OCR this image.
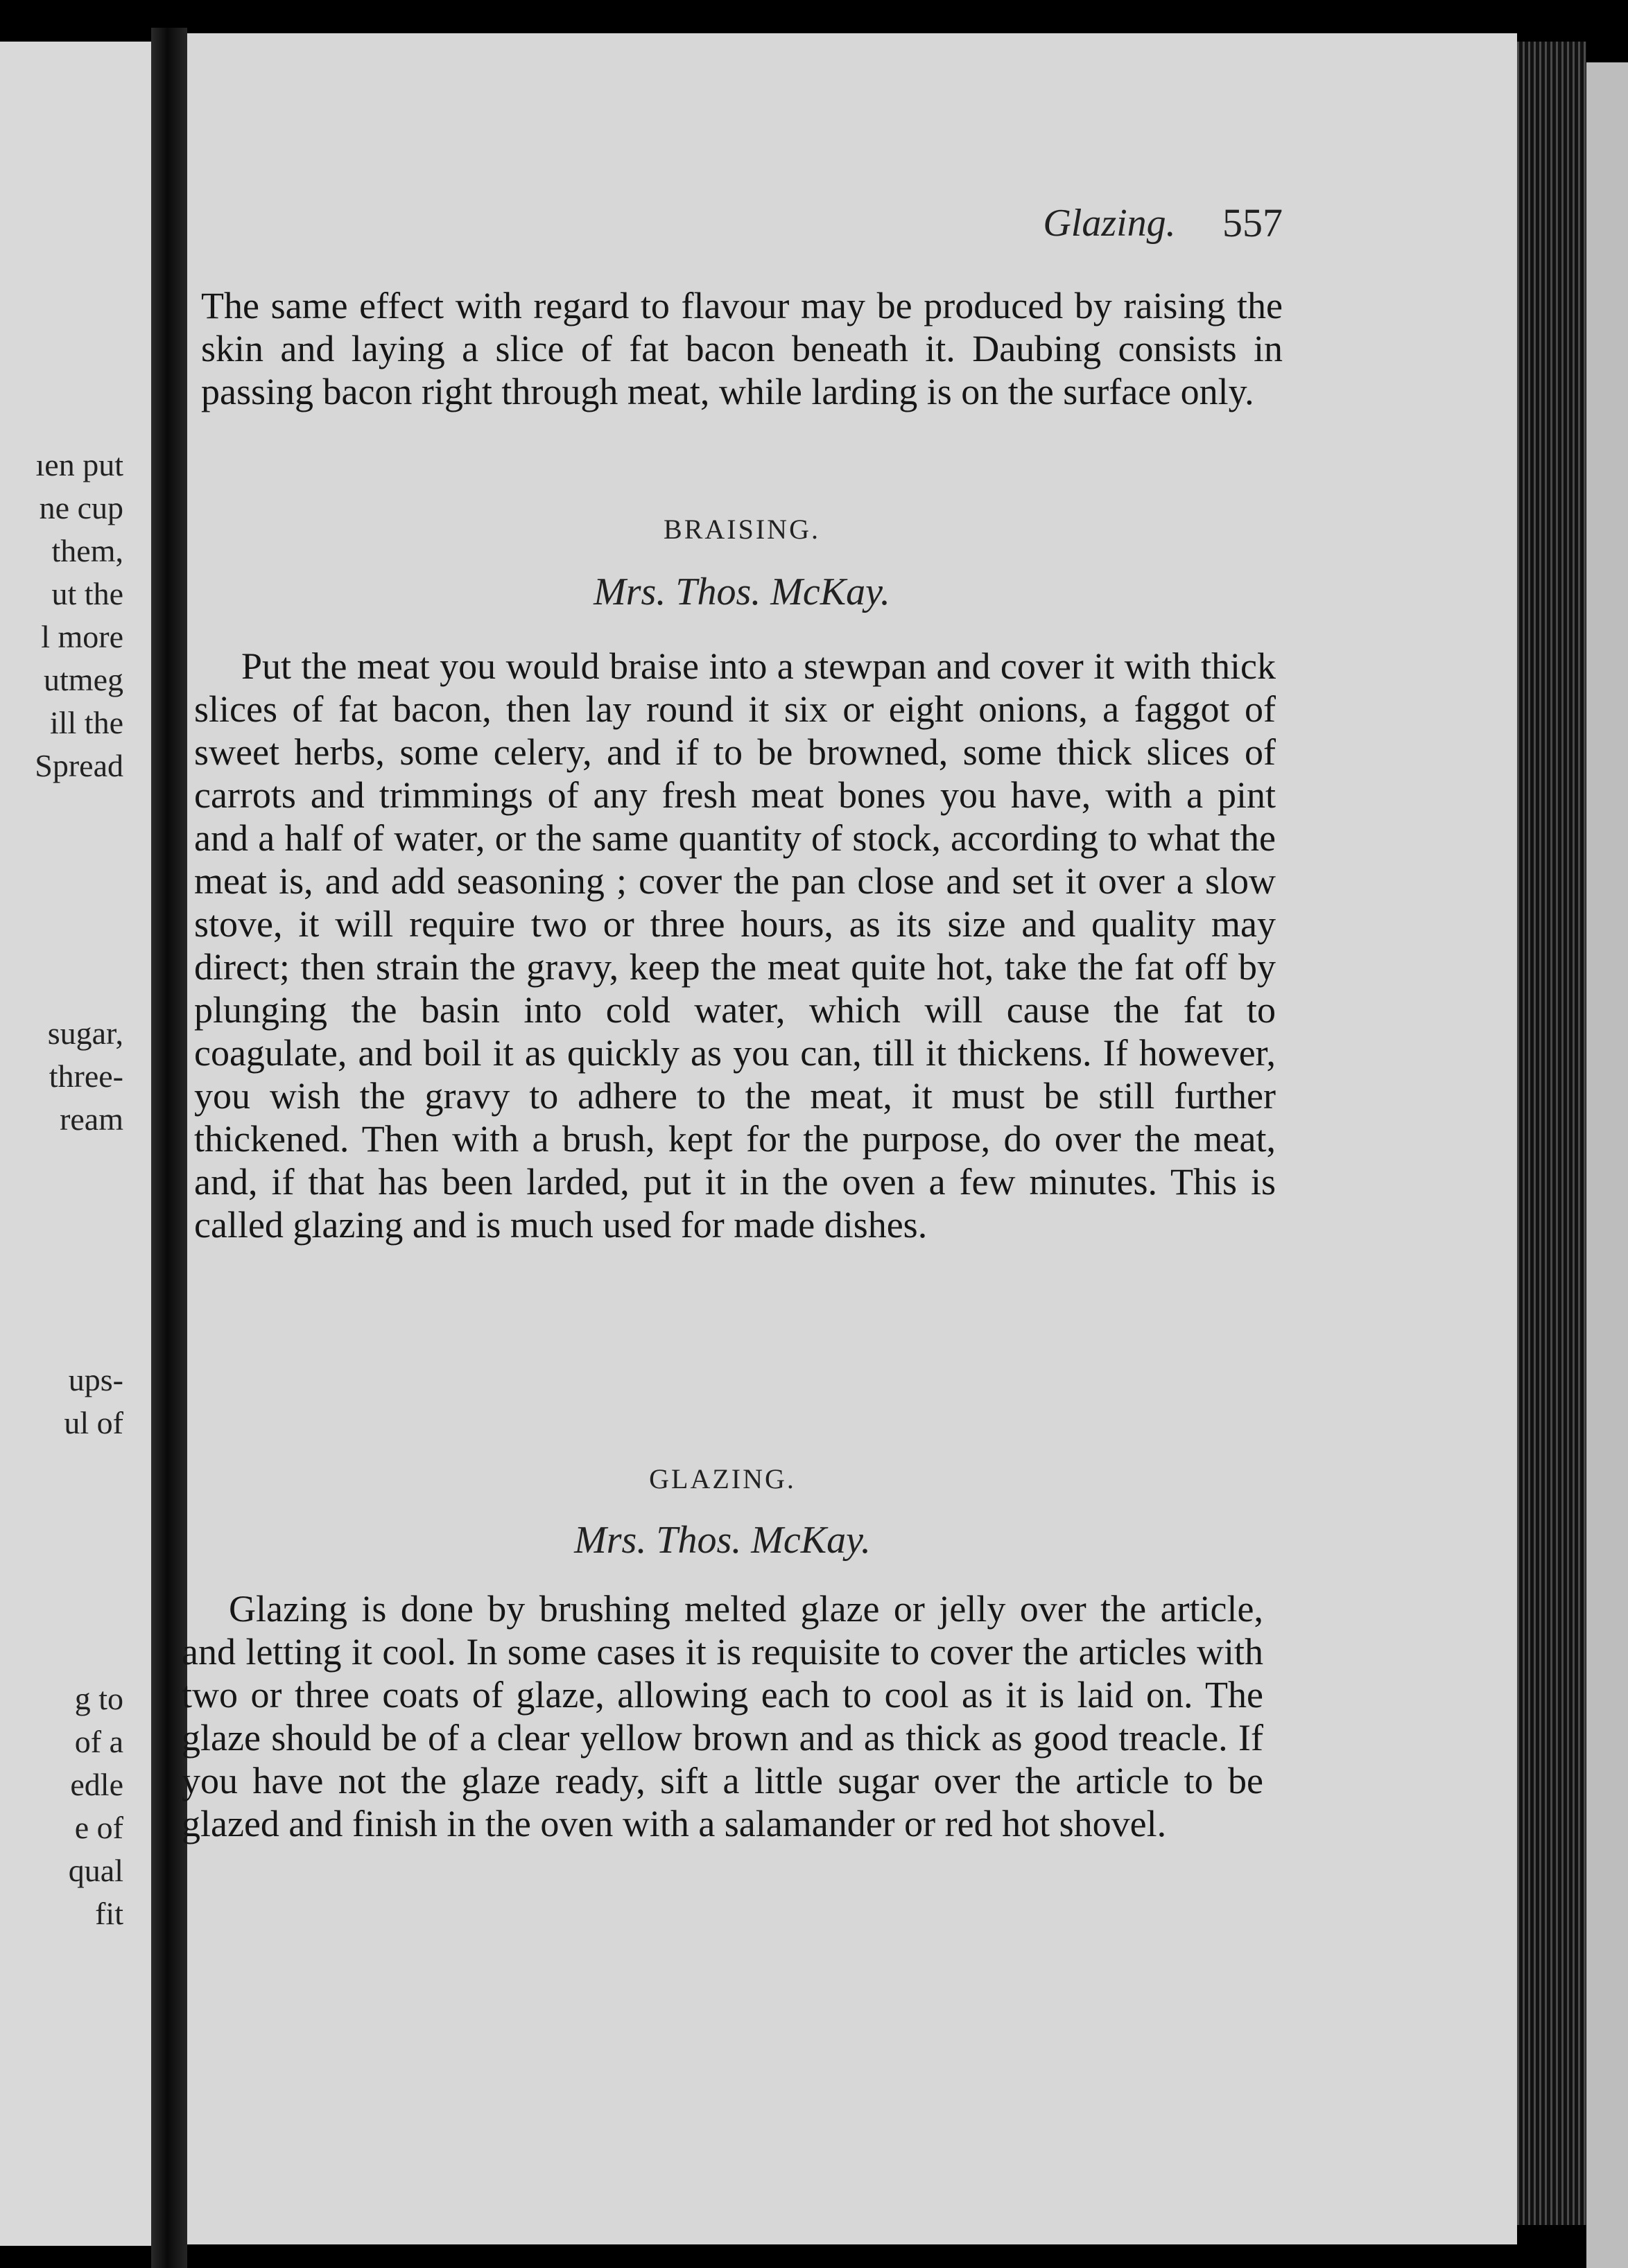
ıen put
ne cup
them,
ut the
l more
utmeg
ill the
Spread
sugar,
three-
ream
ups-
ul of
g to
of a
edle
e of
qual
fit
Glazing.	557

The same effect with regard to flavour may be produced by raising the skin and laying a slice of fat bacon beneath it. Daubing consists in passing bacon right through meat, while larding is on the surface only.

BRAISING.
Mrs. Thos. McKay.

Put the meat you would braise into a stewpan and cover it with thick slices of fat bacon, then lay round it six or eight onions, a faggot of sweet herbs, some celery, and if to be browned, some thick slices of carrots and trimmings of any fresh meat bones you have, with a pint and a half of water, or the same quantity of stock, according to what the meat is, and add seasoning ; cover the pan close and set it over a slow stove, it will require two or three hours, as its size and quality may direct; then strain the gravy, keep the meat quite hot, take the fat off by plunging the basin into cold water, which will cause the fat to coagulate, and boil it as quickly as you can, till it thickens. If however, you wish the gravy to adhere to the meat, it must be still further thickened. Then with a brush, kept for the purpose, do over the meat, and, if that has been larded, put it in the oven a few minutes. This is called glazing and is much used for made dishes.

GLAZING.
Mrs. Thos. McKay.

Glazing is done by brushing melted glaze or jelly over the article, and letting it cool. In some cases it is requisite to cover the articles with two or three coats of glaze, allowing each to cool as it is laid on. The glaze should be of a clear yellow brown and as thick as good treacle. If you have not the glaze ready, sift a little sugar over the article to be glazed and finish in the oven with a salamander or red hot shovel.
